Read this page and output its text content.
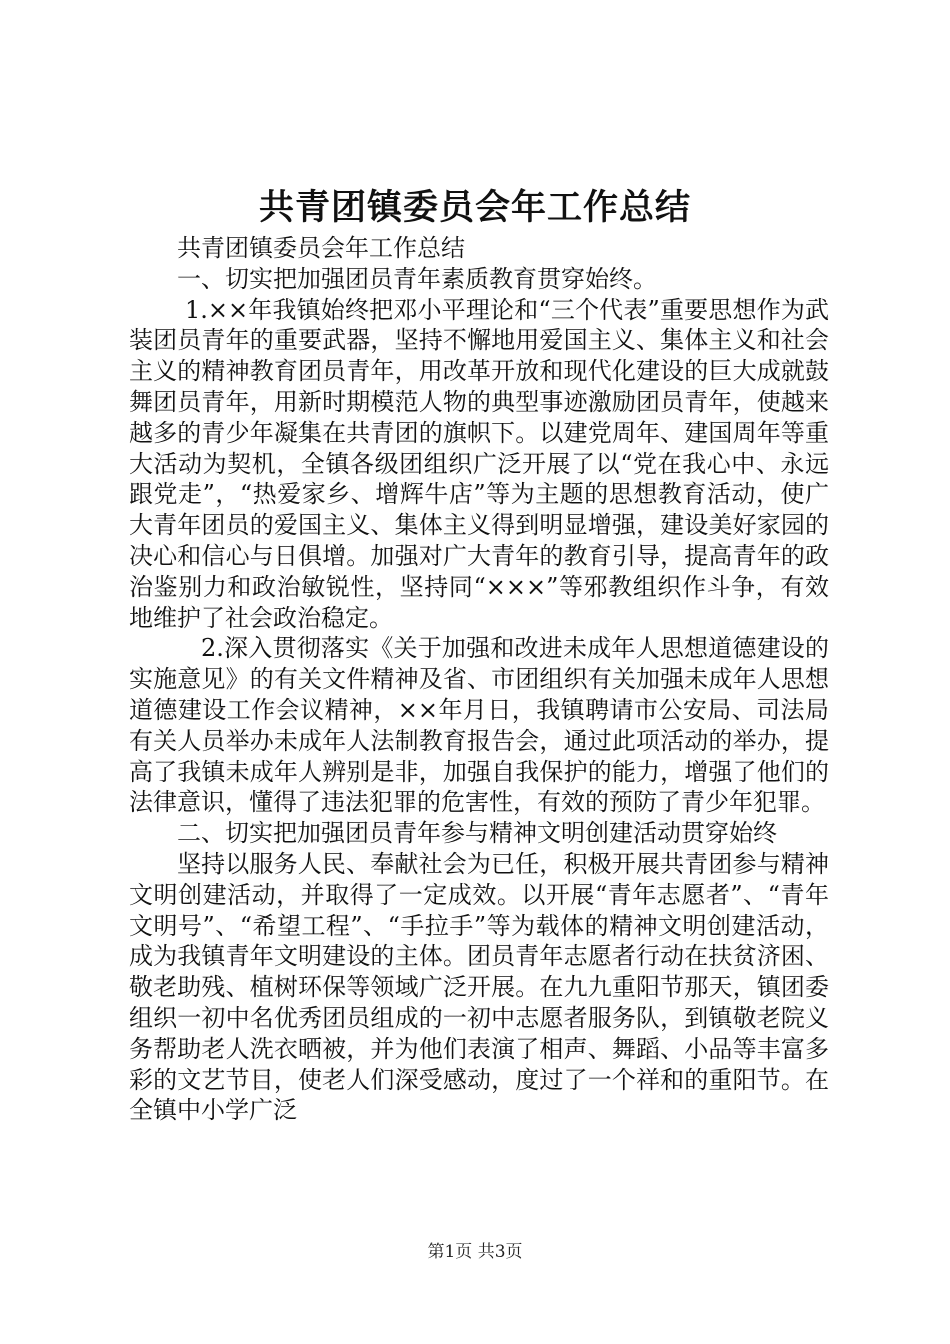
共青团镇委员会年工作总结

共青团镇委员会年工作总结

一、切实把加强团员青年素质教育贯穿始终。

1.××年我镇始终把邓小平理论和“三个代表”重要思想作为武装团员青年的重要武器，坚持不懈地用爱国主义、集体主义和社会主义的精神教育团员青年，用改革开放和现代化建设的巨大成就鼓舞团员青年，用新时期模范人物的典型事迹激励团员青年，使越来越多的青少年凝集在共青团的旗帜下。以建党周年、建国周年等重大活动为契机，全镇各级团组织广泛开展了以“党在我心中、永远跟党走”，“热爱家乡、增辉牛店”等为主题的思想教育活动，使广大青年团员的爱国主义、集体主义得到明显增强，建设美好家园的决心和信心与日俱增。加强对广大青年的教育引导，提高青年的政治鉴别力和政治敏锐性，坚持同“×××”等邪教组织作斗争，有效地维护了社会政治稳定。

2.深入贯彻落实《关于加强和改进未成年人思想道德建设的实施意见》的有关文件精神及省、市团组织有关加强未成年人思想道德建设工作会议精神，××年月日，我镇聘请市公安局、司法局有关人员举办未成年人法制教育报告会，通过此项活动的举办，提高了我镇未成年人辨别是非，加强自我保护的能力，增强了他们的法律意识，懂得了违法犯罪的危害性，有效的预防了青少年犯罪。

二、切实把加强团员青年参与精神文明创建活动贯穿始终

坚持以服务人民、奉献社会为已任，积极开展共青团参与精神文明创建活动，并取得了一定成效。以开展“青年志愿者”、“青年文明号”、“希望工程”、“手拉手”等为载体的精神文明创建活动，成为我镇青年文明建设的主体。团员青年志愿者行动在扶贫济困、敬老助残、植树环保等领域广泛开展。在九九重阳节那天，镇团委组织一初中名优秀团员组成的一初中志愿者服务队，到镇敬老院义务帮助老人洗衣晒被，并为他们表演了相声、舞蹈、小品等丰富多彩的文艺节目，使老人们深受感动，度过了一个祥和的重阳节。在全镇中小学广泛

第1页 共3页
